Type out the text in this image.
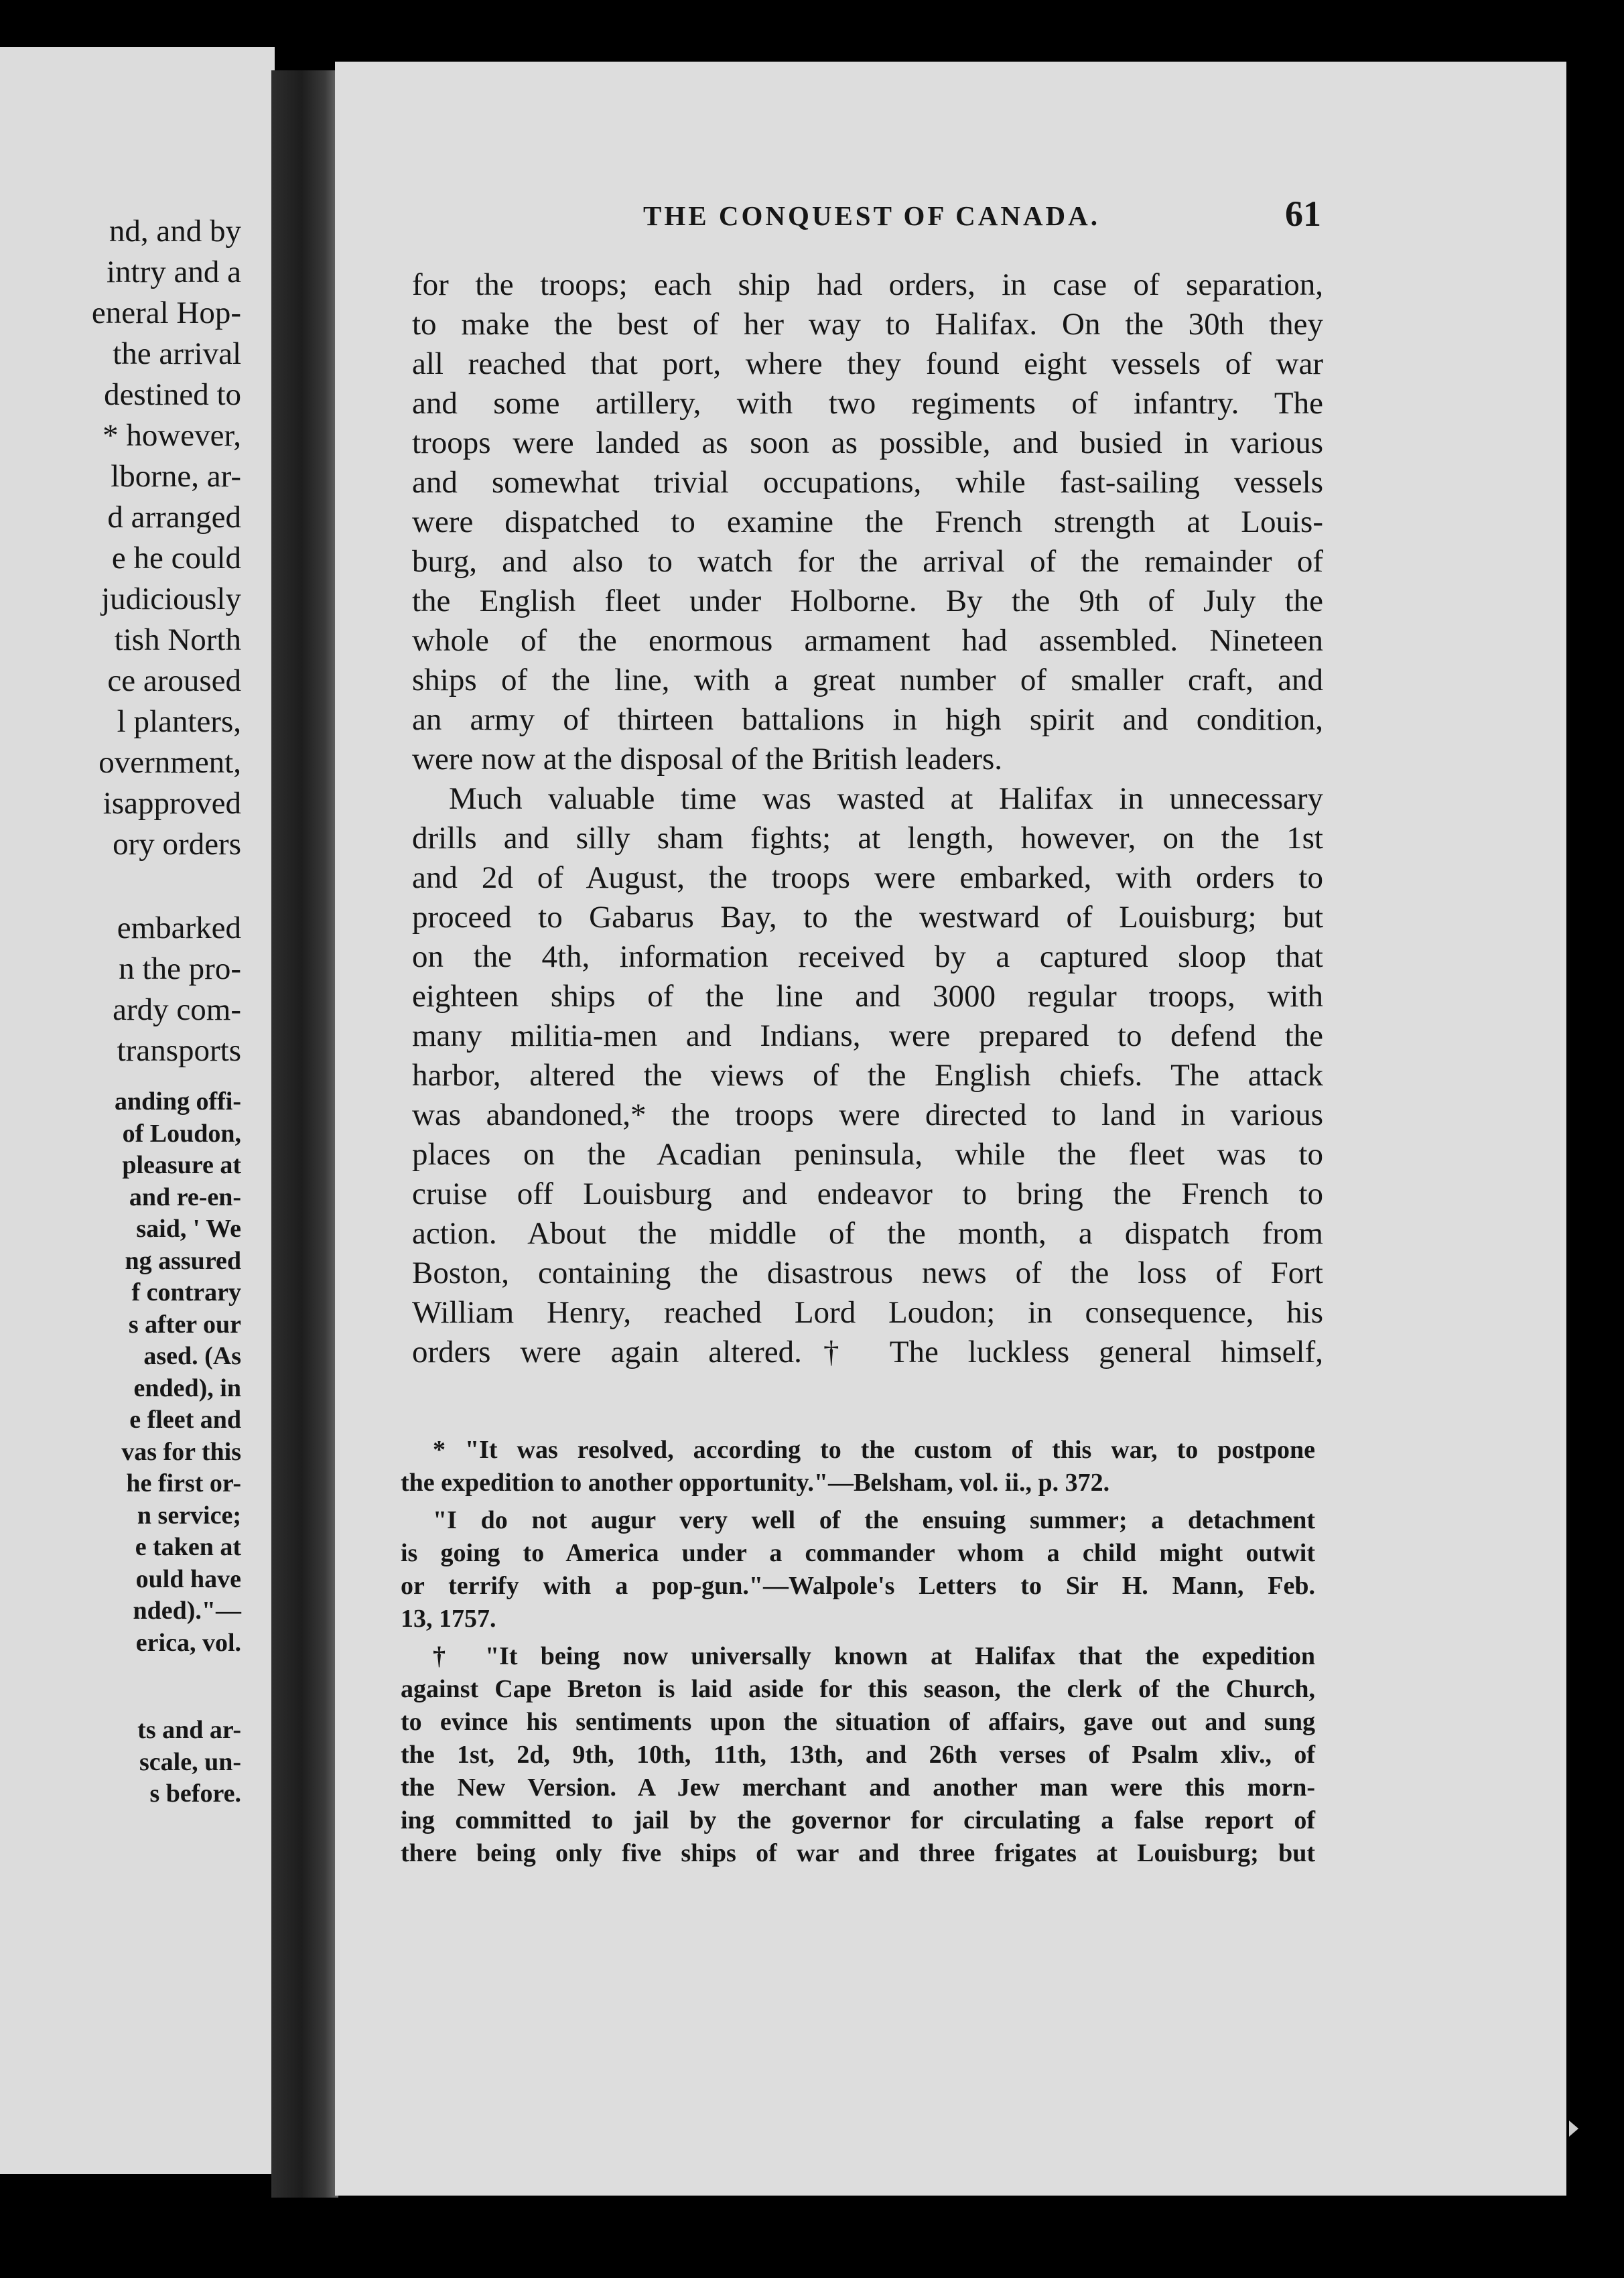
nd, and by
intry and a
eneral Hop-
the arrival
destined to
* however,
lborne, ar-
d arranged
e he could
judiciously
tish North
ce aroused
l planters,
overnment,
isapproved
ory orders
embarked
n the pro-
ardy com-
transports
anding offi-
of Loudon,
pleasure at
and re-en-
said, ' We
ng assured
f contrary
s after our
ased. (As
ended), in
e fleet and
vas for this
he first or-
n service;
e taken at
ould have
nded)."—
erica, vol.
ts and ar-
scale, un-
s before.
THE CONQUEST OF CANADA.	61
for the troops; each ship had orders, in case of separation,
to make the best of her way to Halifax. On the 30th they
all reached that port, where they found eight vessels of war
and some artillery, with two regiments of infantry. The
troops were landed as soon as possible, and busied in various
and somewhat trivial occupations, while fast-sailing vessels
were dispatched to examine the French strength at Louis-
burg, and also to watch for the arrival of the remainder of
the English fleet under Holborne. By the 9th of July the
whole of the enormous armament had assembled. Nineteen
ships of the line, with a great number of smaller craft, and
an army of thirteen battalions in high spirit and condition,
were now at the disposal of the British leaders.
Much valuable time was wasted at Halifax in unnecessary
drills and silly sham fights; at length, however, on the 1st
and 2d of August, the troops were embarked, with orders to
proceed to Gabarus Bay, to the westward of Louisburg; but
on the 4th, information received by a captured sloop that
eighteen ships of the line and 3000 regular troops, with
many militia-men and Indians, were prepared to defend the
harbor, altered the views of the English chiefs. The attack
was abandoned,* the troops were directed to land in various
places on the Acadian peninsula, while the fleet was to
cruise off Louisburg and endeavor to bring the French to
action. About the middle of the month, a dispatch from
Boston, containing the disastrous news of the loss of Fort
William Henry, reached Lord Loudon; in consequence, his
orders were again altered.† The luckless general himself,
* "It was resolved, according to the custom of this war, to postpone
the expedition to another opportunity."—Belsham, vol. ii., p. 372.
"I do not augur very well of the ensuing summer; a detachment
is going to America under a commander whom a child might outwit
or terrify with a pop-gun."—Walpole's Letters to Sir H. Mann, Feb.
13, 1757.
† "It being now universally known at Halifax that the expedition
against Cape Breton is laid aside for this season, the clerk of the Church,
to evince his sentiments upon the situation of affairs, gave out and sung
the 1st, 2d, 9th, 10th, 11th, 13th, and 26th verses of Psalm xliv., of
the New Version. A Jew merchant and another man were this morn-
ing committed to jail by the governor for circulating a false report of
there being only five ships of war and three frigates at Louisburg; but
